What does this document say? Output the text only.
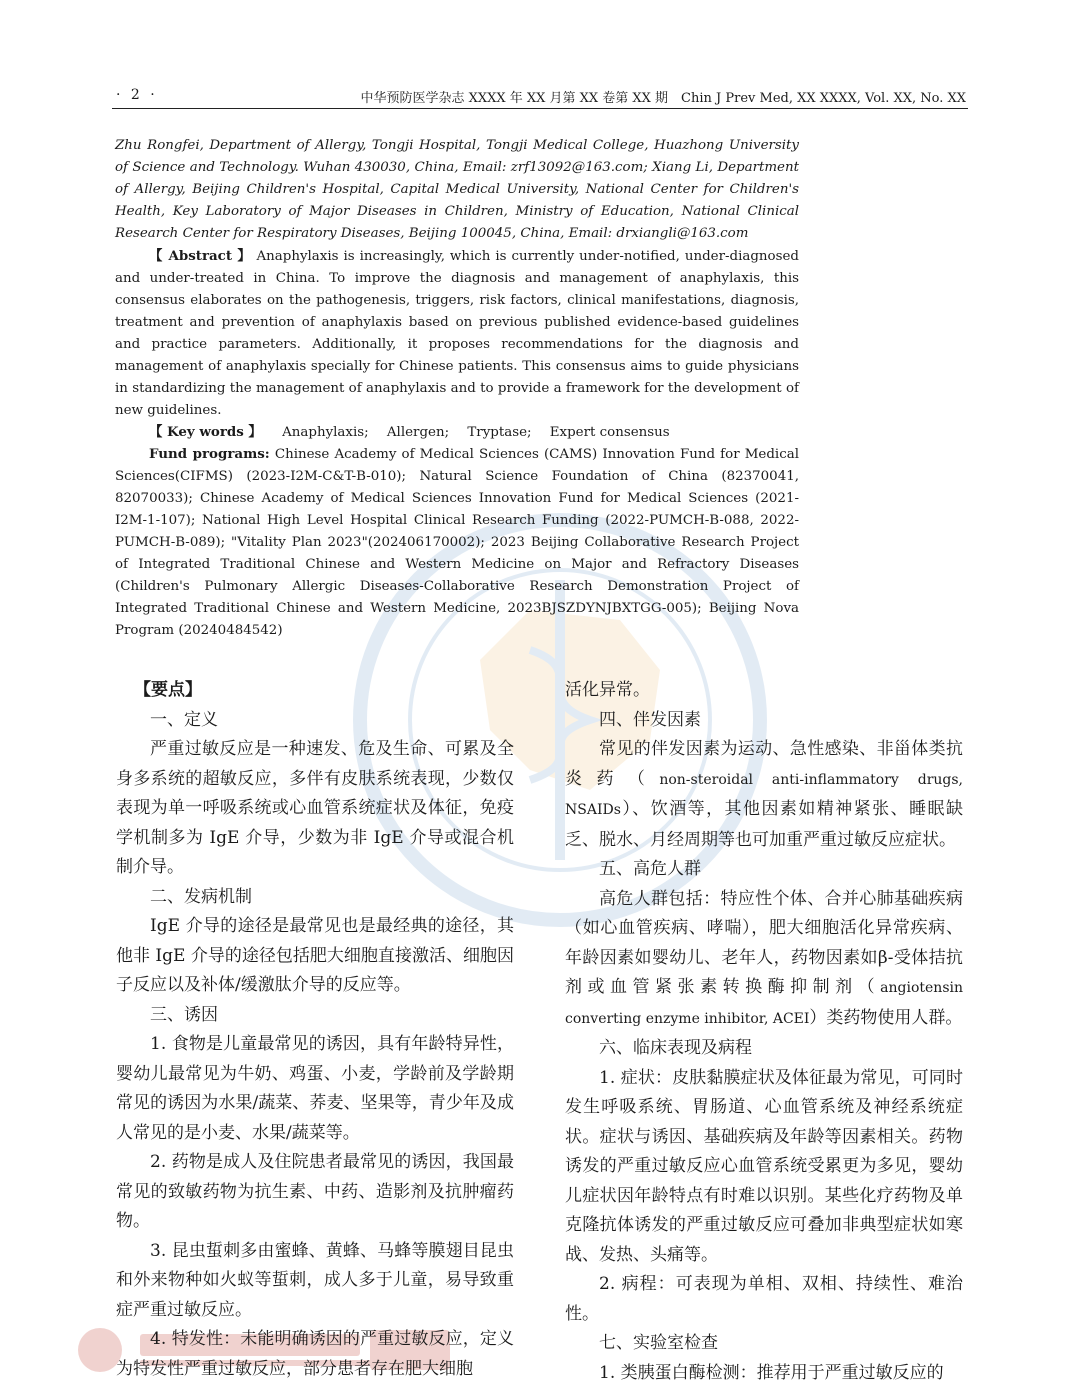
· 2 ·	中华预防医学杂志 XXXX 年 XX 月第 XX 卷第 XX 期　Chin J Prev Med, XX XXXX, Vol. XX, No. XX
Zhu Rongfei, Department of Allergy, Tongji Hospital, Tongji Medical College, Huazhong University of Science and Technology. Wuhan 430030, China, Email: zrf13092@163.com; Xiang Li, Department of Allergy, Beijing Children's Hospital, Capital Medical University, National Center for Children's Health, Key Laboratory of Major Diseases in Children, Ministry of Education, National Clinical Research Center for Respiratory Diseases, Beijing 100045, China, Email: drxiangli@163.com
【 Abstract 】 Anaphylaxis is increasingly, which is currently under-notified, under-diagnosed and under-treated in China. To improve the diagnosis and management of anaphylaxis, this consensus elaborates on the pathogenesis, triggers, risk factors, clinical manifestations, diagnosis, treatment and prevention of anaphylaxis based on previous published evidence-based guidelines and practice parameters. Additionally, it proposes recommendations for the diagnosis and management of anaphylaxis specially for Chinese patients. This consensus aims to guide physicians in standardizing the management of anaphylaxis and to provide a framework for the development of new guidelines.
【 Key words 】 Anaphylaxis; Allergen; Tryptase; Expert consensus
Fund programs: Chinese Academy of Medical Sciences (CAMS) Innovation Fund for Medical Sciences(CIFMS) (2023-I2M-C&T-B-010); Natural Science Foundation of China (82370041, 82070033); Chinese Academy of Medical Sciences Innovation Fund for Medical Sciences (2021-I2M-1-107); National High Level Hospital Clinical Research Funding (2022-PUMCH-B-088, 2022-PUMCH-B-089); "Vitality Plan 2023"(202406170002); 2023 Beijing Collaborative Research Project of Integrated Traditional Chinese and Western Medicine on Major and Refractory Diseases (Children's Pulmonary Allergic Diseases-Collaborative Research Demonstration Project of Integrated Traditional Chinese and Western Medicine, 2023BJSZDYNJBXTGG-005); Beijing Nova Program (20240484542)

【要点】

一、定义

严重过敏反应是一种速发、危及生命、可累及全身多系统的超敏反应，多伴有皮肤系统表现，少数仅表现为单一呼吸系统或心血管系统症状及体征，免疫学机制多为 IgE 介导，少数为非 IgE 介导或混合机制介导。

二、发病机制

IgE 介导的途径是最常见也是最经典的途径，其他非 IgE 介导的途径包括肥大细胞直接激活、细胞因子反应以及补体/缓激肽介导的反应等。

三、诱因

1. 食物是儿童最常见的诱因，具有年龄特异性，婴幼儿最常见为牛奶、鸡蛋、小麦，学龄前及学龄期常见的诱因为水果/蔬菜、荞麦、坚果等，青少年及成人常见的是小麦、水果/蔬菜等。

2. 药物是成人及住院患者最常见的诱因，我国最常见的致敏药物为抗生素、中药、造影剂及抗肿瘤药物。

3. 昆虫蜇刺多由蜜蜂、黄蜂、马蜂等膜翅目昆虫和外来物种如火蚁等蜇刺，成人多于儿童，易导致重症严重过敏反应。

4. 特发性：未能明确诱因的严重过敏反应，定义为特发性严重过敏反应，部分患者存在肥大细胞

活化异常。

四、伴发因素

常见的伴发因素为运动、急性感染、非甾体类抗炎药（non-steroidal anti-inflammatory drugs, NSAIDs）、饮酒等，其他因素如精神紧张、睡眠缺乏、脱水、月经周期等也可加重严重过敏反应症状。

五、高危人群

高危人群包括：特应性个体、合并心肺基础疾病（如心血管疾病、哮喘），肥大细胞活化异常疾病、年龄因素如婴幼儿、老年人，药物因素如β-受体拮抗剂或血管紧张素转换酶抑制剂（angiotensin converting enzyme inhibitor, ACEI）类药物使用人群。

六、临床表现及病程

1. 症状：皮肤黏膜症状及体征最为常见，可同时发生呼吸系统、胃肠道、心血管系统及神经系统症状。症状与诱因、基础疾病及年龄等因素相关。药物诱发的严重过敏反应心血管系统受累更为多见，婴幼儿症状因年龄特点有时难以识别。某些化疗药物及单克隆抗体诱发的严重过敏反应可叠加非典型症状如寒战、发热、头痛等。

2. 病程：可表现为单相、双相、持续性、难治性。

七、实验室检查

1. 类胰蛋白酶检测：推荐用于严重过敏反应的
